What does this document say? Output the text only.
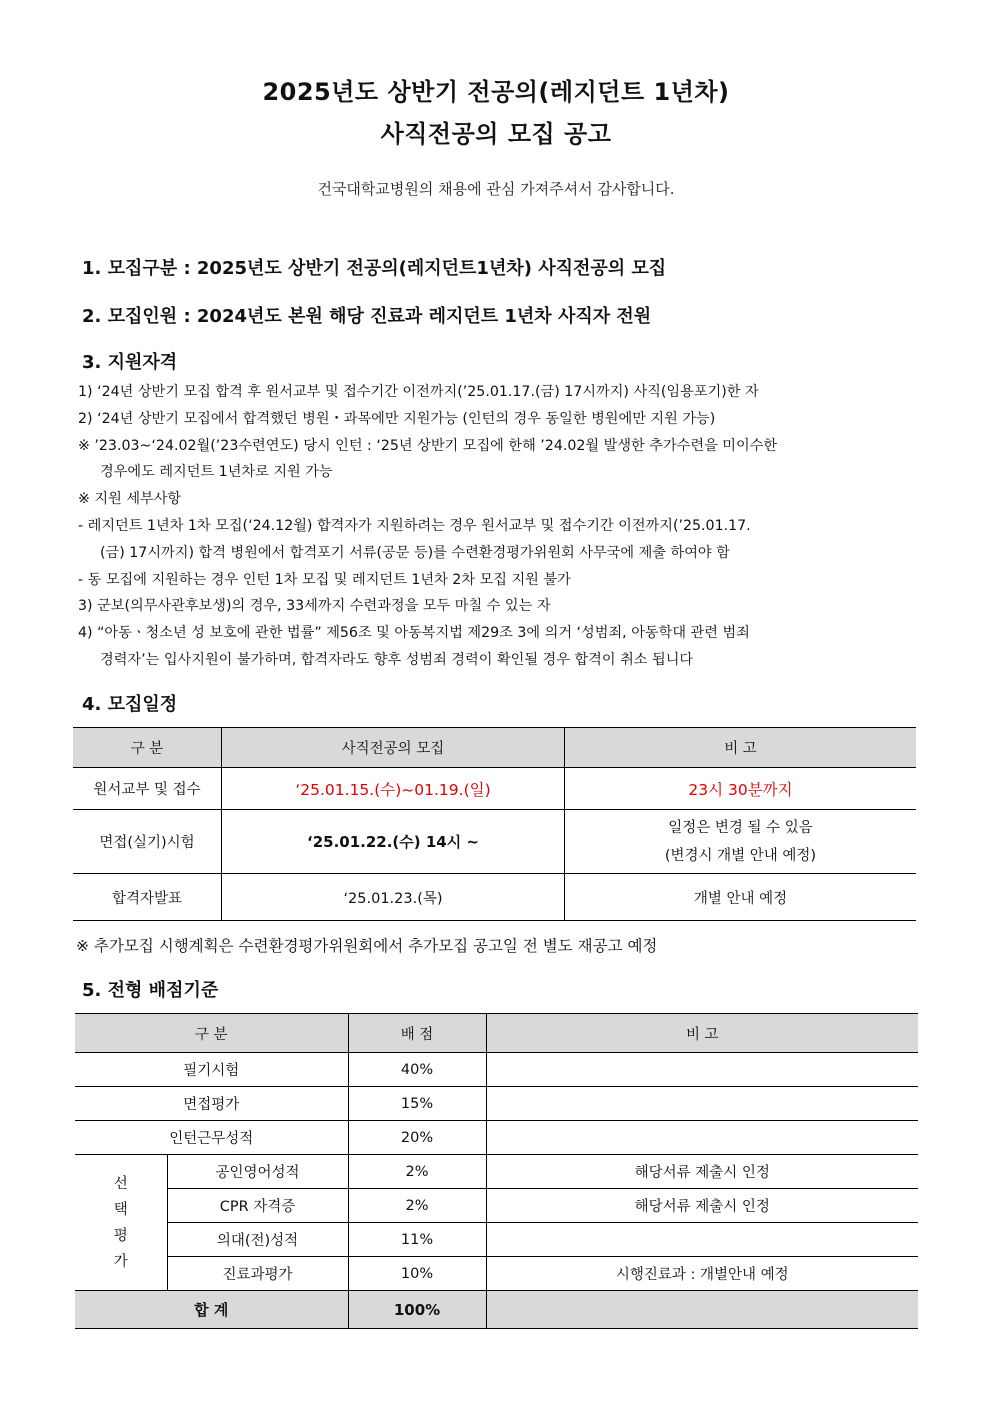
2025년도 상반기 전공의(레지던트 1년차)
사직전공의 모집 공고
건국대학교병원의 채용에 관심 가져주셔서 감사합니다.
1. 모집구분 : 2025년도 상반기 전공의(레지던트1년차) 사직전공의 모집
2. 모집인원 : 2024년도 본원 해당 진료과 레지던트 1년차 사직자 전원
3. 지원자격
1) ‘24년 상반기 모집 합격 후 원서교부 및 접수기간 이전까지(’25.01.17.(금) 17시까지) 사직(임용포기)한 자
2) ‘24년 상반기 모집에서 합격했던 병원・과목에만 지원가능 (인턴의 경우 동일한 병원에만 지원 가능)
※ ’23.03~‘24.02월(’23수련연도) 당시 인턴 : ‘25년 상반기 모집에 한해 ’24.02월 발생한 추가수련을 미이수한
경우에도 레지던트 1년차로 지원 가능
※ 지원 세부사항
- 레지던트 1년차 1차 모집(‘24.12월) 합격자가 지원하려는 경우 원서교부 및 접수기간 이전까지(’25.01.17.
(금) 17시까지) 합격 병원에서 합격포기 서류(공문 등)를 수련환경평가위원회 사무국에 제출 하여야 함
- 동 모집에 지원하는 경우 인턴 1차 모집 및 레지던트 1년차 2차 모집 지원 불가
3) 군보(의무사관후보생)의 경우, 33세까지 수련과정을 모두 마칠 수 있는 자
4) “아동ㆍ청소년 성 보호에 관한 법률” 제56조 및 아동복지법 제29조 3에 의거 ‘성범죄, 아동학대 관련 범죄
경력자’는 입사지원이 불가하며, 합격자라도 향후 성범죄 경력이 확인될 경우 합격이 취소 됩니다
4. 모집일정
구 분	사직전공의 모집	비 고
원서교부 및 접수	‘25.01.15.(수)~01.19.(일)	23시 30분까지
면접(실기)시험	‘25.01.22.(수) 14시 ~	일정은 변경 될 수 있음
(변경시 개별 안내 예정)

합격자발표	‘25.01.23.(목)	개별 안내 예정
※ 추가모집 시행계획은 수련환경평가위원회에서 추가모집 공고일 전 별도 재공고 예정
5. 전형 배점기준
구 분		배 점	비 고
필기시험		40%	
면접평가		15%	
인턴근무성적		20%	

선
택
평
가	공인영어성적	2%	해당서류 제출시 인정
	CPR 자격증	2%	해당서류 제출시 인정
	의대(전)성적	11%	
	진료과평가	10%	시행진료과 : 개별안내 예정
합 계		100%	
